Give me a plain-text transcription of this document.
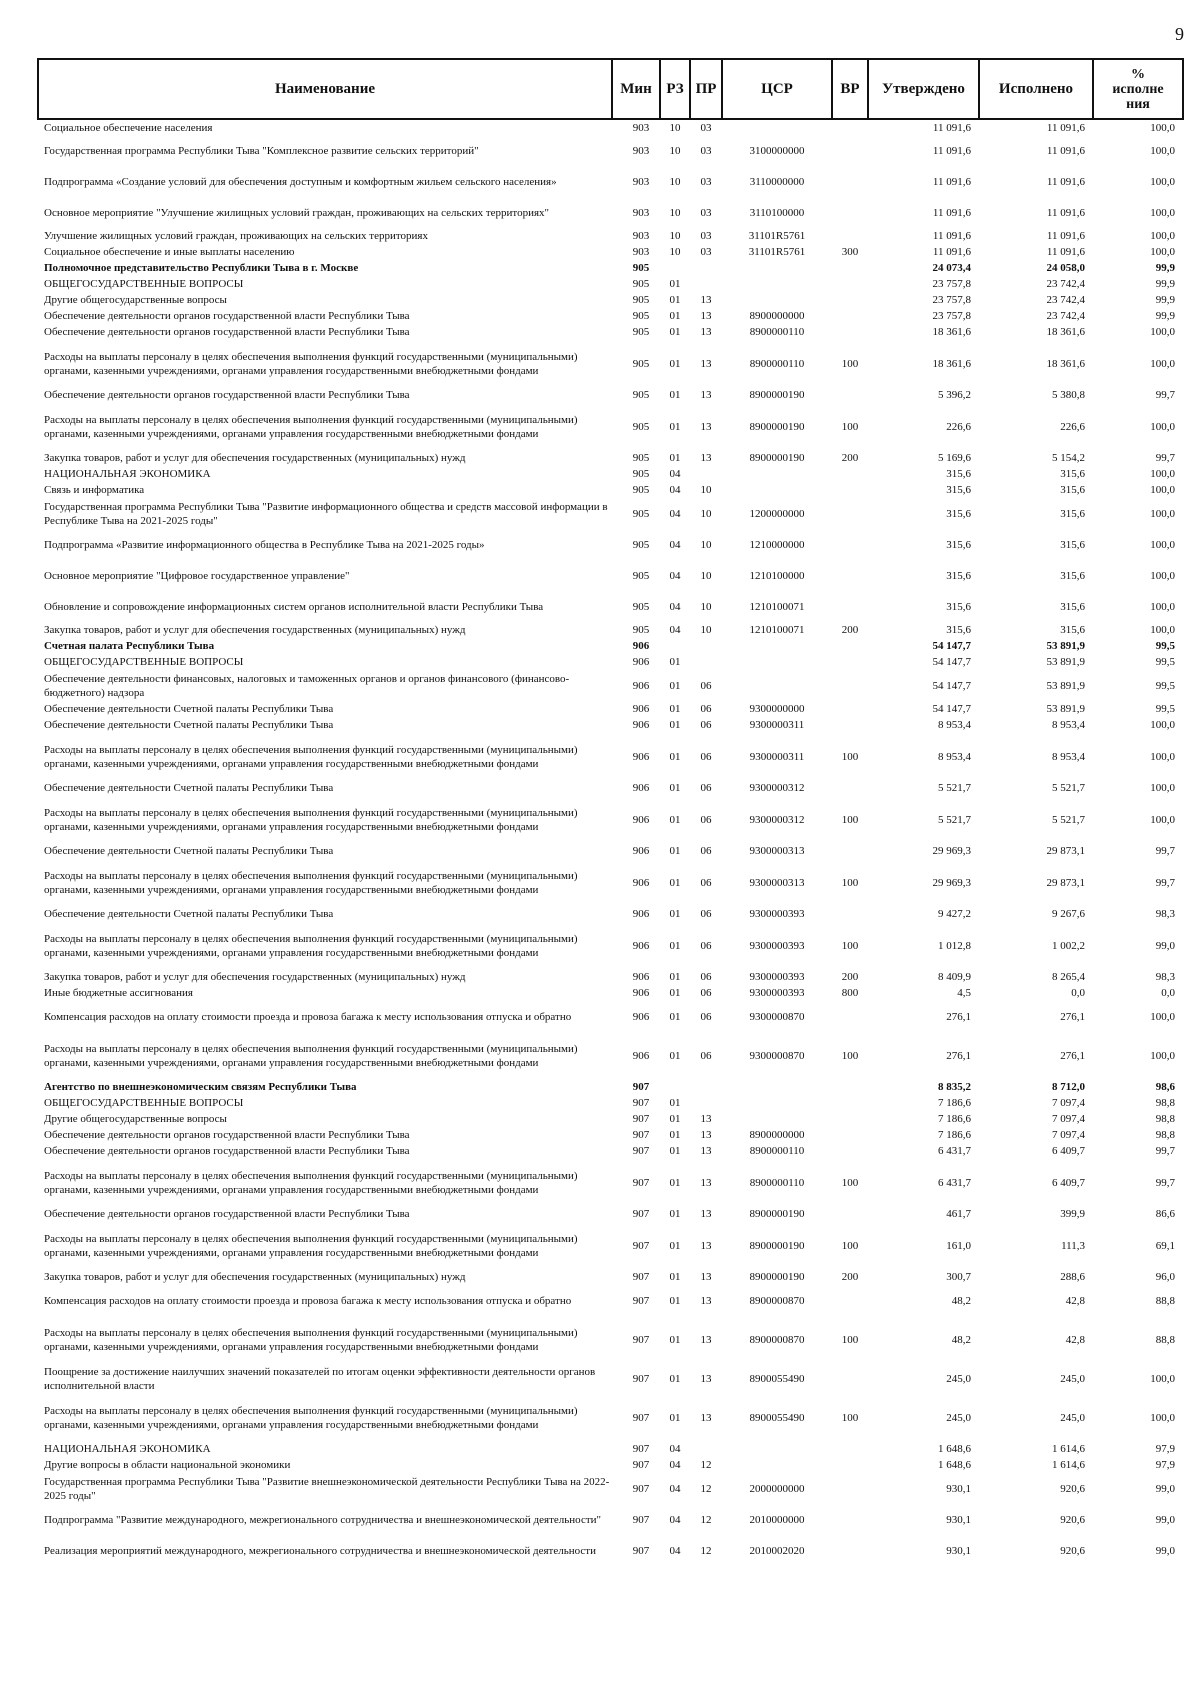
9
Наименование	Мин	РЗ	ПР	ЦСР	ВР	Утверждено	Исполнено	%
исполне
ния

Социальное обеспечение населения	903	10	03			11 091,6	11 091,6	100,0
Государственная программа Республики Тыва "Комплексное развитие сельских территорий"	903	10	03	3100000000		11 091,6	11 091,6	100,0
Подпрограмма «Создание условий для обеспечения доступным и комфортным жильем сельского населения»	903	10	03	3110000000		11 091,6	11 091,6	100,0
Основное мероприятие "Улучшение жилищных условий граждан, проживающих на сельских территориях"	903	10	03	3110100000		11 091,6	11 091,6	100,0
Улучшение жилищных условий граждан, проживающих на сельских территориях	903	10	03	31101R5761		11 091,6	11 091,6	100,0
Социальное обеспечение и иные выплаты населению	903	10	03	31101R5761	300	11 091,6	11 091,6	100,0
Полномочное представительство Республики Тыва в г. Москве	905					24 073,4	24 058,0	99,9
ОБЩЕГОСУДАРСТВЕННЫЕ ВОПРОСЫ	905	01				23 757,8	23 742,4	99,9
Другие общегосударственные вопросы	905	01	13			23 757,8	23 742,4	99,9
Обеспечение деятельности органов государственной власти Республики Тыва	905	01	13	8900000000		23 757,8	23 742,4	99,9
Обеспечение деятельности органов государственной власти Республики Тыва	905	01	13	8900000110		18 361,6	18 361,6	100,0
Расходы на выплаты персоналу в целях обеспечения выполнения функций государственными (муниципальными) органами, казенными учреждениями, органами управления государственными внебюджетными фондами	905	01	13	8900000110	100	18 361,6	18 361,6	100,0
Обеспечение деятельности органов государственной власти Республики Тыва	905	01	13	8900000190		5 396,2	5 380,8	99,7
Расходы на выплаты персоналу в целях обеспечения выполнения функций государственными (муниципальными) органами, казенными учреждениями, органами управления государственными внебюджетными фондами	905	01	13	8900000190	100	226,6	226,6	100,0
Закупка товаров, работ и услуг для обеспечения государственных (муниципальных) нужд	905	01	13	8900000190	200	5 169,6	5 154,2	99,7
НАЦИОНАЛЬНАЯ ЭКОНОМИКА	905	04				315,6	315,6	100,0
Связь и информатика	905	04	10			315,6	315,6	100,0
Государственная программа Республики Тыва "Развитие информационного общества и средств массовой информации в Республике Тыва на 2021-2025 годы"	905	04	10	1200000000		315,6	315,6	100,0
Подпрограмма «Развитие информационного общества в Республике Тыва на 2021-2025 годы»	905	04	10	1210000000		315,6	315,6	100,0
Основное мероприятие "Цифровое государственное управление"	905	04	10	1210100000		315,6	315,6	100,0
Обновление и сопровождение информационных систем органов исполнительной власти Республики Тыва	905	04	10	1210100071		315,6	315,6	100,0
Закупка товаров, работ и услуг для обеспечения государственных (муниципальных) нужд	905	04	10	1210100071	200	315,6	315,6	100,0
Счетная палата Республики Тыва	906					54 147,7	53 891,9	99,5
ОБЩЕГОСУДАРСТВЕННЫЕ ВОПРОСЫ	906	01				54 147,7	53 891,9	99,5
Обеспечение деятельности финансовых, налоговых и таможенных органов и органов финансового (финансово-бюджетного) надзора	906	01	06			54 147,7	53 891,9	99,5
Обеспечение деятельности Счетной палаты Республики Тыва	906	01	06	9300000000		54 147,7	53 891,9	99,5
Обеспечение деятельности Счетной палаты Республики Тыва	906	01	06	9300000311		8 953,4	8 953,4	100,0
Расходы на выплаты персоналу в целях обеспечения выполнения функций государственными (муниципальными) органами, казенными учреждениями, органами управления государственными внебюджетными фондами	906	01	06	9300000311	100	8 953,4	8 953,4	100,0
Обеспечение деятельности Счетной палаты Республики Тыва	906	01	06	9300000312		5 521,7	5 521,7	100,0
Расходы на выплаты персоналу в целях обеспечения выполнения функций государственными (муниципальными) органами, казенными учреждениями, органами управления государственными внебюджетными фондами	906	01	06	9300000312	100	5 521,7	5 521,7	100,0
Обеспечение деятельности Счетной палаты Республики Тыва	906	01	06	9300000313		29 969,3	29 873,1	99,7
Расходы на выплаты персоналу в целях обеспечения выполнения функций государственными (муниципальными) органами, казенными учреждениями, органами управления государственными внебюджетными фондами	906	01	06	9300000313	100	29 969,3	29 873,1	99,7
Обеспечение деятельности Счетной палаты Республики Тыва	906	01	06	9300000393		9 427,2	9 267,6	98,3
Расходы на выплаты персоналу в целях обеспечения выполнения функций государственными (муниципальными) органами, казенными учреждениями, органами управления государственными внебюджетными фондами	906	01	06	9300000393	100	1 012,8	1 002,2	99,0
Закупка товаров, работ и услуг для обеспечения государственных (муниципальных) нужд	906	01	06	9300000393	200	8 409,9	8 265,4	98,3
Иные бюджетные ассигнования	906	01	06	9300000393	800	4,5	0,0	0,0
Компенсация расходов на оплату стоимости проезда и провоза багажа к месту использования отпуска и обратно	906	01	06	9300000870		276,1	276,1	100,0
Расходы на выплаты персоналу в целях обеспечения выполнения функций государственными (муниципальными) органами, казенными учреждениями, органами управления государственными внебюджетными фондами	906	01	06	9300000870	100	276,1	276,1	100,0
Агентство по внешнеэкономическим связям Республики Тыва	907					8 835,2	8 712,0	98,6
ОБЩЕГОСУДАРСТВЕННЫЕ ВОПРОСЫ	907	01				7 186,6	7 097,4	98,8
Другие общегосударственные вопросы	907	01	13			7 186,6	7 097,4	98,8
Обеспечение деятельности органов государственной власти Республики Тыва	907	01	13	8900000000		7 186,6	7 097,4	98,8
Обеспечение деятельности органов государственной власти Республики Тыва	907	01	13	8900000110		6 431,7	6 409,7	99,7
Расходы на выплаты персоналу в целях обеспечения выполнения функций государственными (муниципальными) органами, казенными учреждениями, органами управления государственными внебюджетными фондами	907	01	13	8900000110	100	6 431,7	6 409,7	99,7
Обеспечение деятельности органов государственной власти Республики Тыва	907	01	13	8900000190		461,7	399,9	86,6
Расходы на выплаты персоналу в целях обеспечения выполнения функций государственными (муниципальными) органами, казенными учреждениями, органами управления государственными внебюджетными фондами	907	01	13	8900000190	100	161,0	111,3	69,1
Закупка товаров, работ и услуг для обеспечения государственных (муниципальных) нужд	907	01	13	8900000190	200	300,7	288,6	96,0
Компенсация расходов на оплату стоимости проезда и провоза багажа к месту использования отпуска и обратно	907	01	13	8900000870		48,2	42,8	88,8
Расходы на выплаты персоналу в целях обеспечения выполнения функций государственными (муниципальными) органами, казенными учреждениями, органами управления государственными внебюджетными фондами	907	01	13	8900000870	100	48,2	42,8	88,8
Поощрение за достижение наилучших значений показателей по итогам оценки эффективности деятельности органов исполнительной власти	907	01	13	8900055490		245,0	245,0	100,0
Расходы на выплаты персоналу в целях обеспечения выполнения функций государственными (муниципальными) органами, казенными учреждениями, органами управления государственными внебюджетными фондами	907	01	13	8900055490	100	245,0	245,0	100,0
НАЦИОНАЛЬНАЯ ЭКОНОМИКА	907	04				1 648,6	1 614,6	97,9
Другие вопросы в области национальной экономики	907	04	12			1 648,6	1 614,6	97,9
Государственная программа Республики Тыва "Развитие внешнеэкономической деятельности Республики Тыва на 2022-2025 годы"	907	04	12	2000000000		930,1	920,6	99,0
Подпрограмма "Развитие международного, межрегионального сотрудничества и внешнеэкономической деятельности"	907	04	12	2010000000		930,1	920,6	99,0
Реализация мероприятий международного, межрегионального сотрудничества и внешнеэкономической деятельности	907	04	12	2010002020		930,1	920,6	99,0
